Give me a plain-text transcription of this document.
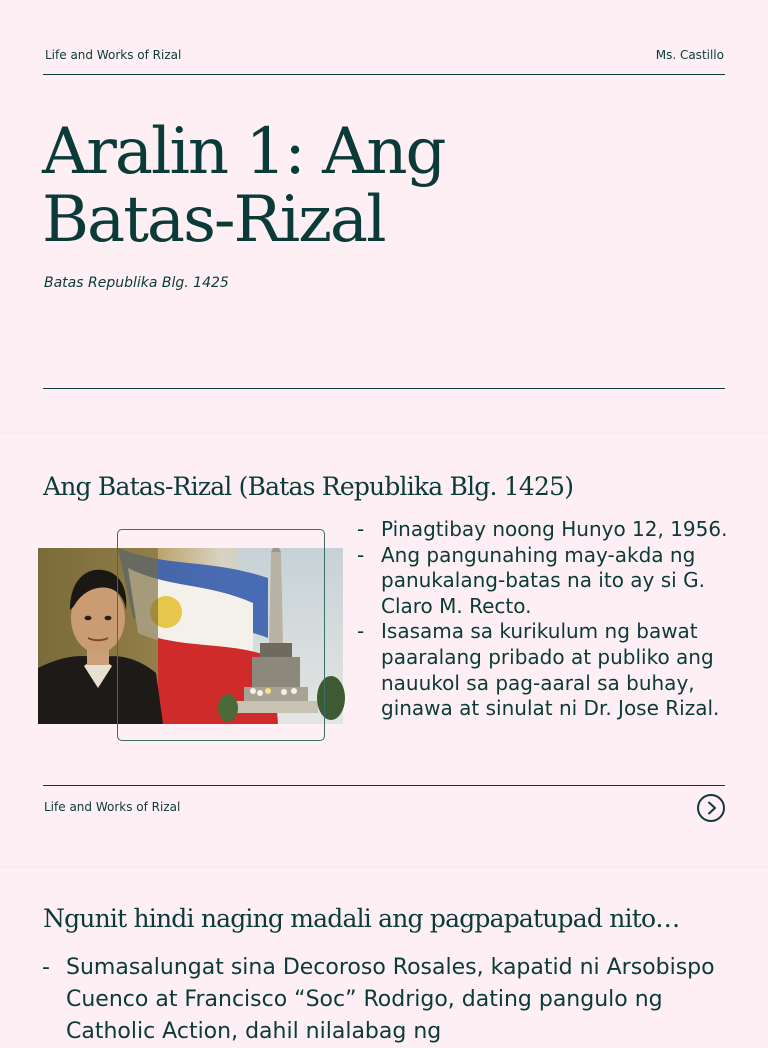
Life and Works of Rizal	Ms. Castillo
Aralin 1: Ang
Batas-Rizal
Batas Republika Blg. 1425
Ang Batas-Rizal (Batas Republika Blg. 1425)
- Pinagtibay noong Hunyo 12, 1956.
- Ang pangunahing may-akda ng panukalang-batas na ito ay si G. Claro M. Recto.
- Isasama sa kurikulum ng bawat paaralang pribado at publiko ang nauukol sa pag-aaral sa buhay, ginawa at sinulat ni Dr. Jose Rizal.
Life and Works of Rizal
Ngunit hindi naging madali ang pagpapatupad nito…
- Sumasalungat sina Decoroso Rosales, kapatid ni Arsobispo Cuenco at Francisco “Soc” Rodrigo, dating pangulo ng Catholic Action, dahil nilalabag ng
